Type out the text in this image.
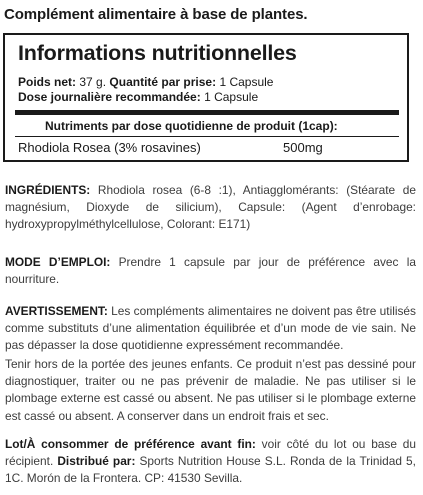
Complément alimentaire à base de plantes.
Informations nutritionnelles
Poids net: 37 g. Quantité par prise: 1 Capsule
Dose journalière recommandée: 1 Capsule
Nutriments par dose quotidienne de produit (1cap):
Rhodiola Rosea (3% rosavines)	500mg
INGRÉDIENTS: Rhodiola rosea (6-8 :1), Antiagglomérants: (Stéarate de magnésium, Dioxyde de silicium), Capsule: (Agent d’enrobage: hydroxypropylméthylcellulose, Colorant: E171)
MODE D’EMPLOI: Prendre 1 capsule par jour de préférence avec la nourriture.
AVERTISSEMENT: Les compléments alimentaires ne doivent pas être utilisés comme substituts d’une alimentation équilibrée et d’un mode de vie sain. Ne pas dépasser la dose quotidienne expressément recommandée.
Tenir hors de la portée des jeunes enfants. Ce produit n’est pas dessiné pour diagnostiquer, traiter ou ne pas prévenir de maladie. Ne pas utiliser si le plombage externe est cassé ou absent. Ne pas utiliser si le plombage externe est cassé ou absent. A conserver dans un endroit frais et sec.
Lot/À consommer de préférence avant fin: voir côté du lot ou base du récipient. Distribué par: Sports Nutrition House S.L. Ronda de la Trinidad 5, 1C. Morón de la Frontera. CP: 41530 Sevilla.
